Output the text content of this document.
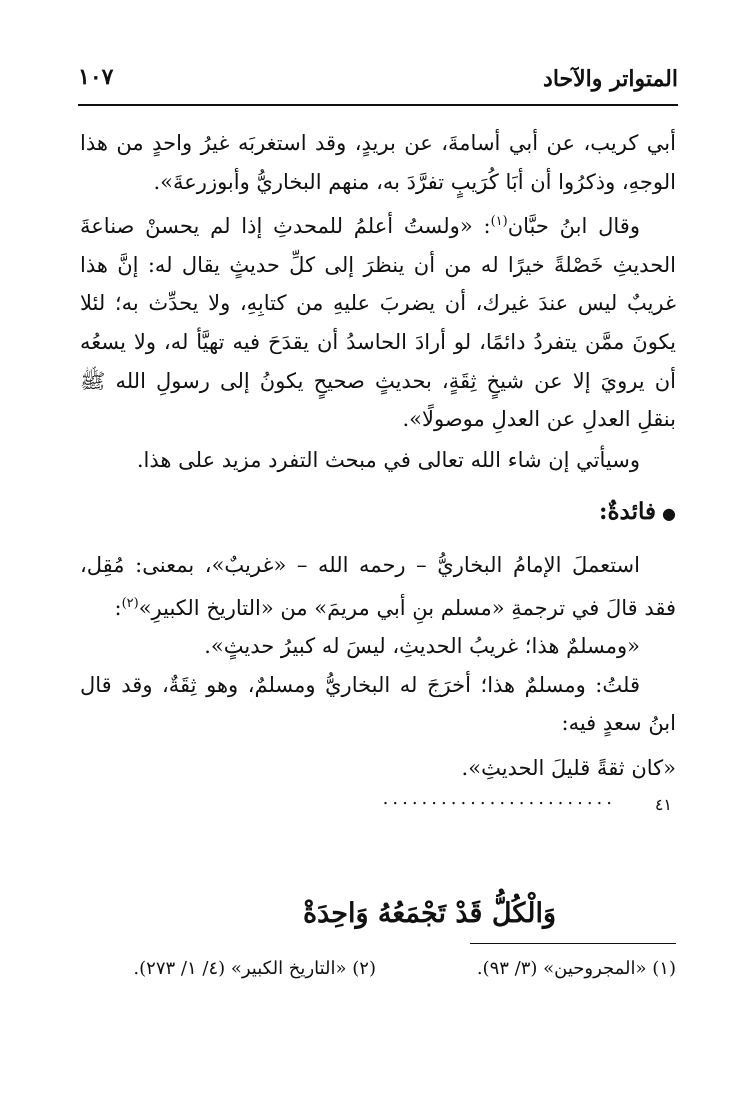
المتواتر والآحاد
١٠٧

أبي كريب، عن أبي أسامةَ، عن بريدٍ، وقد استغربَه غيرُ واحدٍ من هذا الوجهِ، وذكرُوا أن أبَا كُرَيبٍ تفرَّدَ به، منهم البخاريُّ وأبوزرعةَ».

وقال ابنُ حبَّان$^{(١)}$: «ولستُ أعلمُ للمحدثِ إذا لم يحسنْ صناعةَ الحديثِ خَصْلةً خيرًا له من أن ينظرَ إلى كلِّ حديثٍ يقال له: إنَّ هذا غريبٌ ليس عندَ غيرك، أن يضربَ عليهِ من كتابِهِ، ولا يحدِّث به؛ لئلا يكونَ ممَّن يتفردُ دائمًا، لو أرادَ الحاسدُ أن يقدَحَ فيه تهيَّأ له، ولا يسعُه أن يرويَ إلا عن شيخٍ ثِقَةٍ، بحديثٍ صحيحٍ يكونُ إلى رسولِ الله ﷺ بنقلِ العدلِ عن العدلِ موصولًا».

وسيأتي إن شاء الله تعالى في مبحث التفرد مزيد على هذا.

●فائدةٌ:

استعملَ الإمامُ البخاريُّ – رحمه الله – «غريبٌ»، بمعنى: مُقِل، فقد قالَ في ترجمةِ «مسلم بنِ أبي مريمَ» من «التاريخ الكبيرِ»$^{(٢)}$:

«ومسلمٌ هذا؛ غريبُ الحديثِ، ليسَ له كبيرُ حديثٍ».

قلتُ: ومسلمٌ هذا؛ أخرَجَ له البخاريُّ ومسلمٌ، وهو ثِقَةٌ، وقد قال ابنُ سعدٍ فيه:

«كان ثقةً قليلَ الحديثِ».

٤١
........................
وَالْكُلُّ قَدْ تَجْمَعُهُ وَاحِدَةْ
(١) «المجروحين» (٣/ ٩٣).
(٢) «التاريخ الكبير» (٤/ ١/ ٢٧٣).
